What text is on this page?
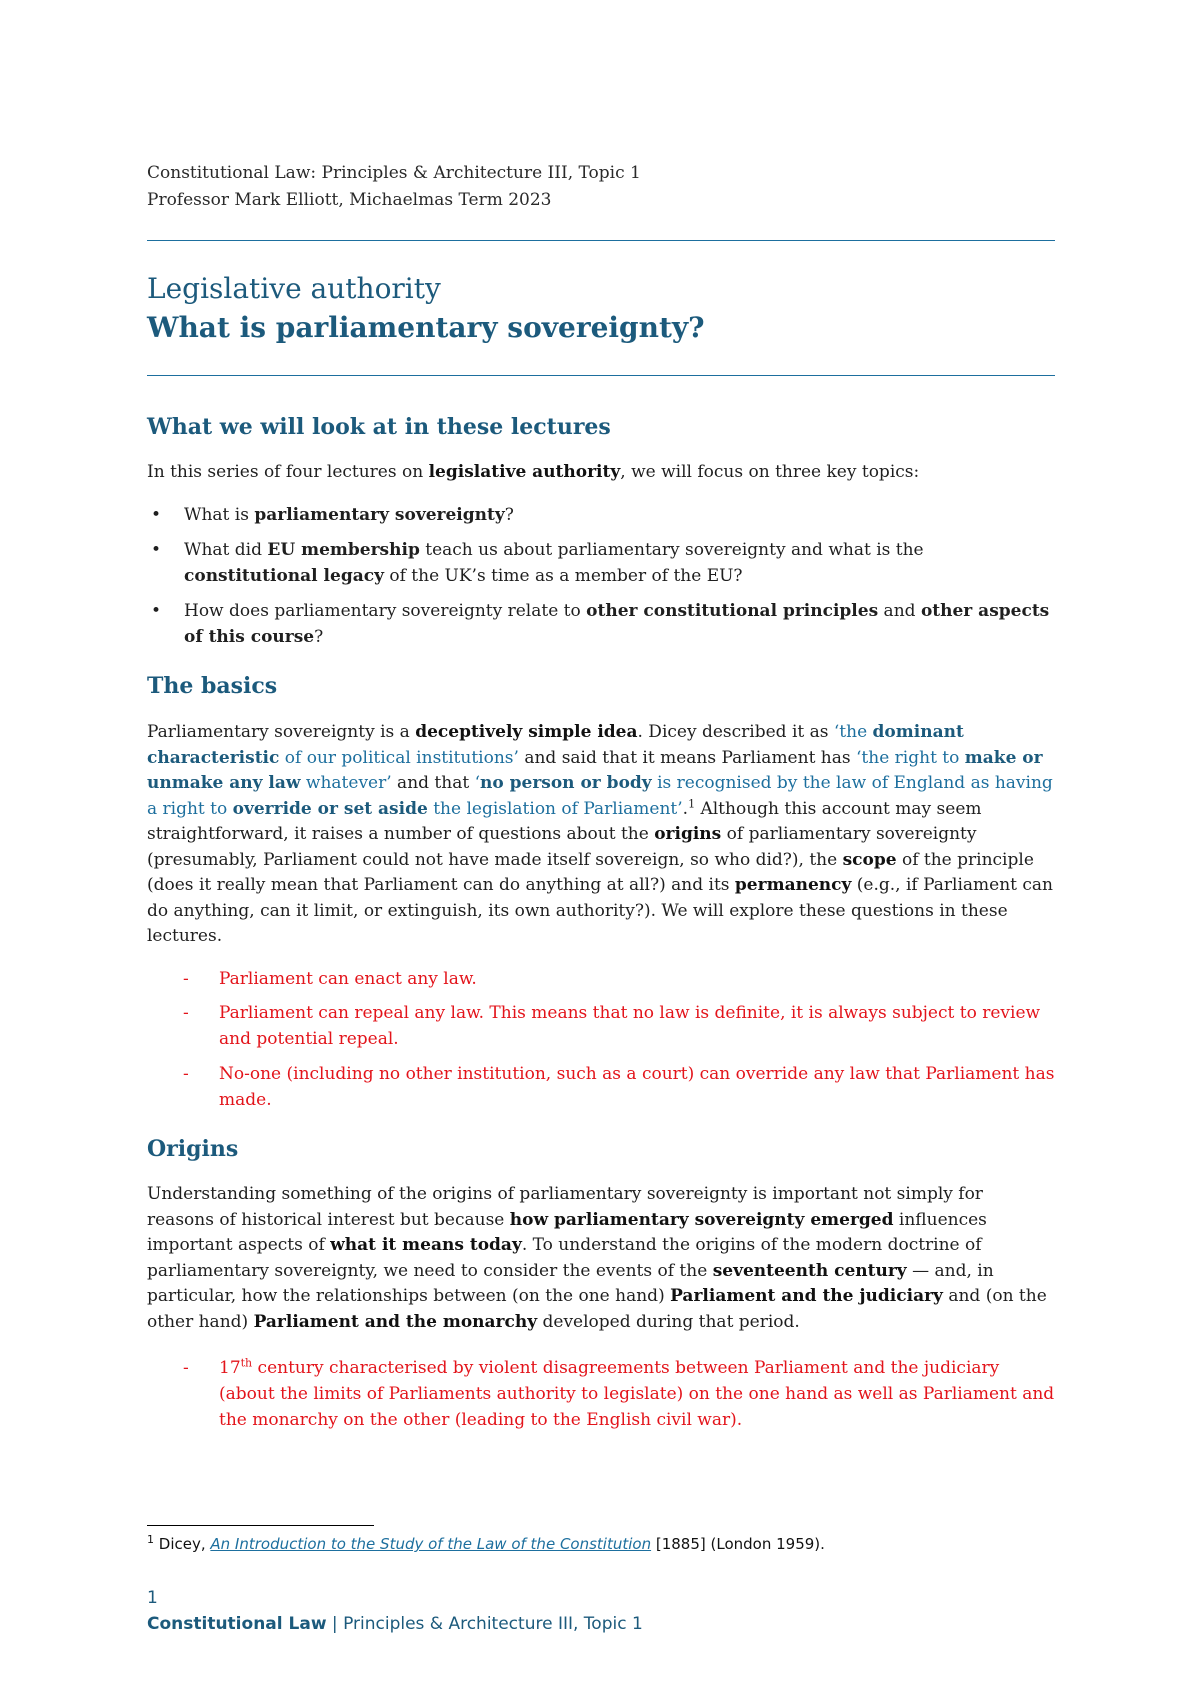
Constitutional Law: Principles & Architecture III, Topic 1
Professor Mark Elliott, Michaelmas Term 2023
Legislative authority
What is parliamentary sovereignty?
What we will look at in these lectures

In this series of four lectures on legislative authority, we will focus on three key topics:

• What is parliamentary sovereignty?
• What did EU membership teach us about parliamentary sovereignty and what is the constitutional legacy of the UK’s time as a member of the EU?
• How does parliamentary sovereignty relate to other constitutional principles and other aspects of this course?
The basics

Parliamentary sovereignty is a deceptively simple idea. Dicey described it as ‘the dominant characteristic of our political institutions’ and said that it means Parliament has ‘the right to make or unmake any law whatever’ and that ‘no person or body is recognised by the law of England as having a right to override or set aside the legislation of Parliament’.$^1$ Although this account may seem straightforward, it raises a number of questions about the origins of parliamentary sovereignty (presumably, Parliament could not have made itself sovereign, so who did?), the scope of the principle (does it really mean that Parliament can do anything at all?) and its permanency (e.g., if Parliament can do anything, can it limit, or extinguish, its own authority?). We will explore these questions in these lectures.

- Parliament can enact any law.
- Parliament can repeal any law. This means that no law is definite, it is always subject to review and potential repeal.
- No-one (including no other institution, such as a court) can override any law that Parliament has made.
Origins

Understanding something of the origins of parliamentary sovereignty is important not simply for reasons of historical interest but because how parliamentary sovereignty emerged influences important aspects of what it means today. To understand the origins of the modern doctrine of parliamentary sovereignty, we need to consider the events of the seventeenth century — and, in particular, how the relationships between (on the one hand) Parliament and the judiciary and (on the other hand) Parliament and the monarchy developed during that period.

- 17th century characterised by violent disagreements between Parliament and the judiciary (about the limits of Parliaments authority to legislate) on the one hand as well as Parliament and the monarchy on the other (leading to the English civil war).
$^1$ Dicey, An Introduction to the Study of the Law of the Constitution [1885] (London 1959).
1
Constitutional Law | Principles & Architecture III, Topic 1
